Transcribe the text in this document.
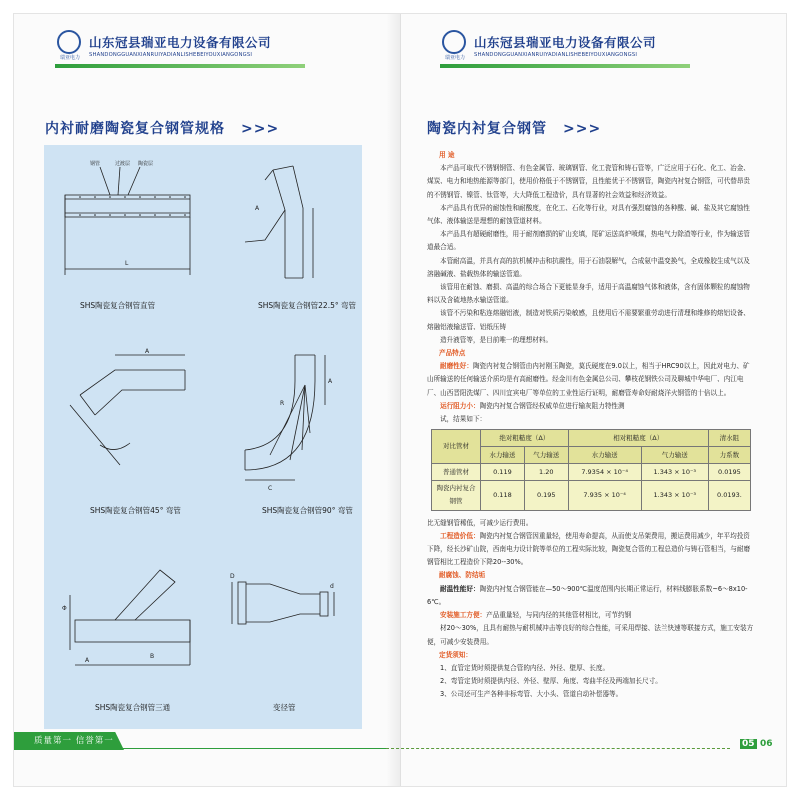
瑞亚电力
山东冠县瑞亚电力设备有限公司
SHANDONGGUANXIANRUIYADIANLISHEBEIYOUXIANGONGSI
瑞亚电力
山东冠县瑞亚电力设备有限公司
SHANDONGGUANXIANRUIYADIANLISHEBEIYOUXIANGONGSI
内衬耐磨陶瓷复合钢管规格 >>>
钢管	过渡层 陶瓷层
L
SHS陶瓷复合钢管直管
A
SHS陶瓷复合钢管22.5° 弯管
A
SHS陶瓷复合钢管45° 弯管
R
A
C
SHS陶瓷复合钢管90° 弯管
A
B
Φ
SHS陶瓷复合钢管三通
D
d
变径管
陶瓷内衬复合钢管 >>>

用 途

本产品可取代不锈钢钢管、有色金属管、玻璃钢管、化工瓷管和铸石管等，广泛应用于石化、化工、冶金、煤炭、电力和地热能源等部门，使用价格低于不锈钢管，且性能优于不锈钢管，陶瓷内衬复合钢管，可代替昂贵的不锈钢管、镍管、钛管等，大大降低工程造价，具有显著的社会效益和经济效益。

本产品具有优异的耐蚀性和耐酸度，在化工、石化等行业，对具有强烈腐蚀的各种酸、碱、盐及其它腐蚀性气体、液体输送是理想的耐蚀管道材料。

本产品具有超硬耐磨性，用于耐剂磨损的矿山充填，尾矿运送高炉喷煤，热电气力除渣等行业，作为输送管道最合适。

本管耐高温，并具有高的抗机械冲击和抗震性，用于石油裂解气，合成氨中温变换气，全成橡胶生成气以及溶融碱液、盐载热体的输送管道。

该管用在耐蚀、磨损、高温的综合场合下更能显身手，适用于高温腐蚀气体和液体，含有固体颗粒的腐蚀物料以及含硫地热水输送管道。

该管不污染和粘连熔融铝液，制造对铁质污染敏感，且使用后不需要繁重劳动进行清理和维修的熔铝设备、熔融铝液输送管、铝纸压铸

造升液管等，是目前唯一的理想材料。

产品特点

耐磨性好：陶瓷内衬复合钢管由内衬刚玉陶瓷，莫氏硬度在9.0以上，相当于HRC90以上，因此对电力、矿山所输送的任何输送介质均是有高耐磨性。经金川有色金属总公司、攀枝花钢铁公司及聊城中华电厂、内江电厂、山西晋阳洗煤厂、四川宜宾电厂等单位的工业性运行证明，耐磨管寿命好耐烧洋火钢管的十倍以上。

运行阻力小：陶瓷内衬复合钢管经权威单位进行输灰阻力特性测

试，结果如下：

对比管材	绝对粗糙度（Δ）		相对粗糙度（Δ）		清水阻
	水力输送	气力输送	水力输送	气力输送	力系数
普通管材	0.119	1.20	7.9354 × 10⁻⁴	1.343 × 10⁻³	0.0195
陶瓷内衬复合钢管	0.118	0.195	7.935 × 10⁻⁴	1.343 × 10⁻³	0.0193.

比无缝钢管稀低，可减少运行费用。

工程造价低：陶瓷内衬复合钢管因重量轻，使用寿命提高，从而使支吊架费用，搬运费用减少，年平均投资下降，经长沙矿山院，西南电力设计院等单位的工程实际比较，陶瓷复合管的工程总造价与铸石管相当，与耐磨钢管相比工程造价下降20--30%。

耐腐蚀、防结垢

耐温性能好：陶瓷内衬复合钢管能在—50～900℃温度范围内长期正常运行，材料线膨胀系数~6～8x10-6℃。

安装施工方便：产品重量轻，与同内径的其他管材相比，可节约钢

材20～30%，且具有耐热与耐机械冲击等良好的综合性能，可采用焊接、法兰快速等联接方式，施工安装方便，可减少安装费用。

定货须知：

1、直管定货时须提供复合管的内径、外径、壁厚、长度。

2、弯管定货时须提供内径、外径、壁厚、角度、弯曲半径及两端加长尺寸。

3、公司还可生产各种非标弯管、大小头、管道自动补偿器等。

质量第一 信誉第一	05 06
